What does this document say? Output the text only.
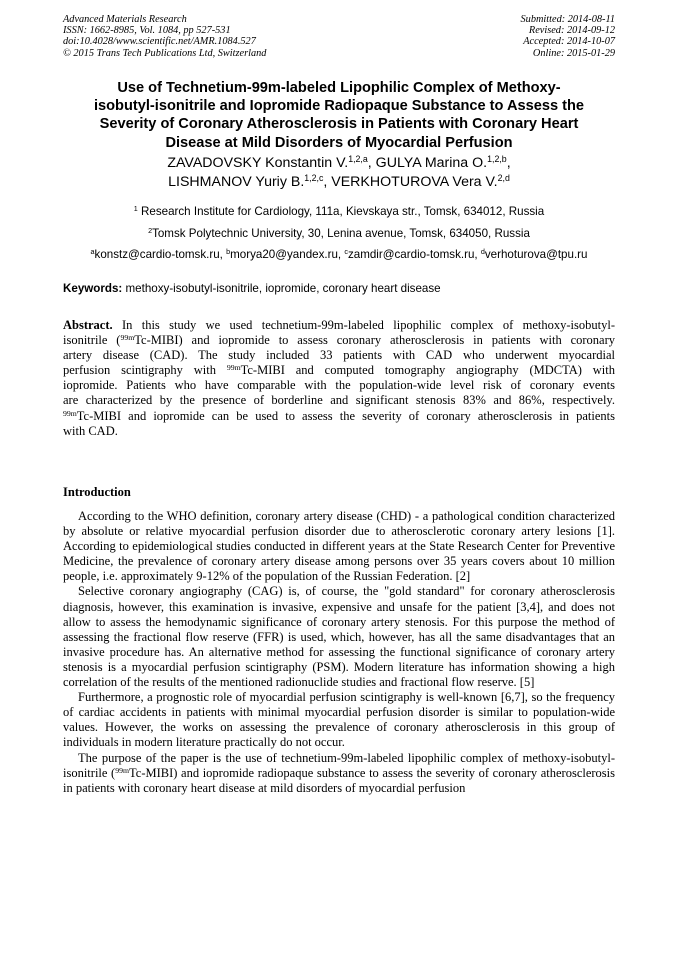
Advanced Materials Research
ISSN: 1662-8985, Vol. 1084, pp 527-531
doi:10.4028/www.scientific.net/AMR.1084.527
© 2015 Trans Tech Publications Ltd, Switzerland
Submitted: 2014-08-11
Revised: 2014-09-12
Accepted: 2014-10-07
Online: 2015-01-29
Use of Technetium-99m-labeled Lipophilic Complex of Methoxy-
isobutyl-isonitrile and Iopromide Radiopaque Substance to Assess the
Severity of Coronary Atherosclerosis in Patients with Coronary Heart
Disease at Mild Disorders of Myocardial Perfusion
ZAVADOVSKY Konstantin V.$^{1,2,a}$, GULYA Marina O.$^{1,2,b}$,
LISHMANOV Yuriy B.$^{1,2,c}$, VERKHOTUROVA Vera V.$^{2,d}$
$^1$ Research Institute for Cardiology, 111a, Kievskaya str., Tomsk, 634012, Russia
$^2$Tomsk Polytechnic University, 30, Lenina avenue, Tomsk, 634050, Russia
$^a$konstz@cardio-tomsk.ru, $^b$morya20@yandex.ru, $^c$zamdir@cardio-tomsk.ru, $^d$verhoturova@tpu.ru
Keywords: methoxy-isobutyl-isonitrile, iopromide, coronary heart disease

Abstract. In this study we used technetium-99m-labeled lipophilic complex of methoxy-isobutyl-

isonitrile ($^{99m}$Tc-MIBI) and iopromide to assess coronary atherosclerosis in patients with coronary

artery disease (CAD). The study included 33 patients with CAD who underwent myocardial

perfusion scintigraphy with $^{99m}$Tc-MIBI and computed tomography angiography (MDCTA) with

iopromide. Patients who have comparable with the population-wide level risk of coronary events

are characterized by the presence of borderline and significant stenosis 83% and 86%, respectively.

$^{99m}$Tc-MIBI and iopromide can be used to assess the severity of coronary atherosclerosis in patients

with CAD.

Introduction

According to the WHO definition, coronary artery disease (CHD) - a pathological condition characterized by absolute or relative myocardial perfusion disorder due to atherosclerotic coronary artery lesions [1]. According to epidemiological studies conducted in different years at the State Research Center for Preventive Medicine, the prevalence of coronary artery disease among persons over 35 years covers about 10 million people, i.e. approximately 9-12% of the population of the Russian Federation. [2]

Selective coronary angiography (CAG) is, of course, the "gold standard" for coronary atherosclerosis diagnosis, however, this examination is invasive, expensive and unsafe for the patient [3,4], and does not allow to assess the hemodynamic significance of coronary artery stenosis. For this purpose the method of assessing the fractional flow reserve (FFR) is used, which, however, has all the same disadvantages that an invasive procedure has. An alternative method for assessing the functional significance of coronary artery stenosis is a myocardial perfusion scintigraphy (PSM). Modern literature has information showing a high correlation of the results of the mentioned radionuclide studies and fractional flow reserve. [5]

Furthermore, a prognostic role of myocardial perfusion scintigraphy is well-known [6,7], so the frequency of cardiac accidents in patients with minimal myocardial perfusion disorder is similar to population-wide values. However, the works on assessing the prevalence of coronary atherosclerosis in this group of individuals in modern literature practically do not occur.

The purpose of the paper is the use of technetium-99m-labeled lipophilic complex of methoxy-isobutyl-isonitrile ($^{99m}$Tc-MIBI) and iopromide radiopaque substance to assess the severity of coronary atherosclerosis in patients with coronary heart disease at mild disorders of myocardial perfusion
